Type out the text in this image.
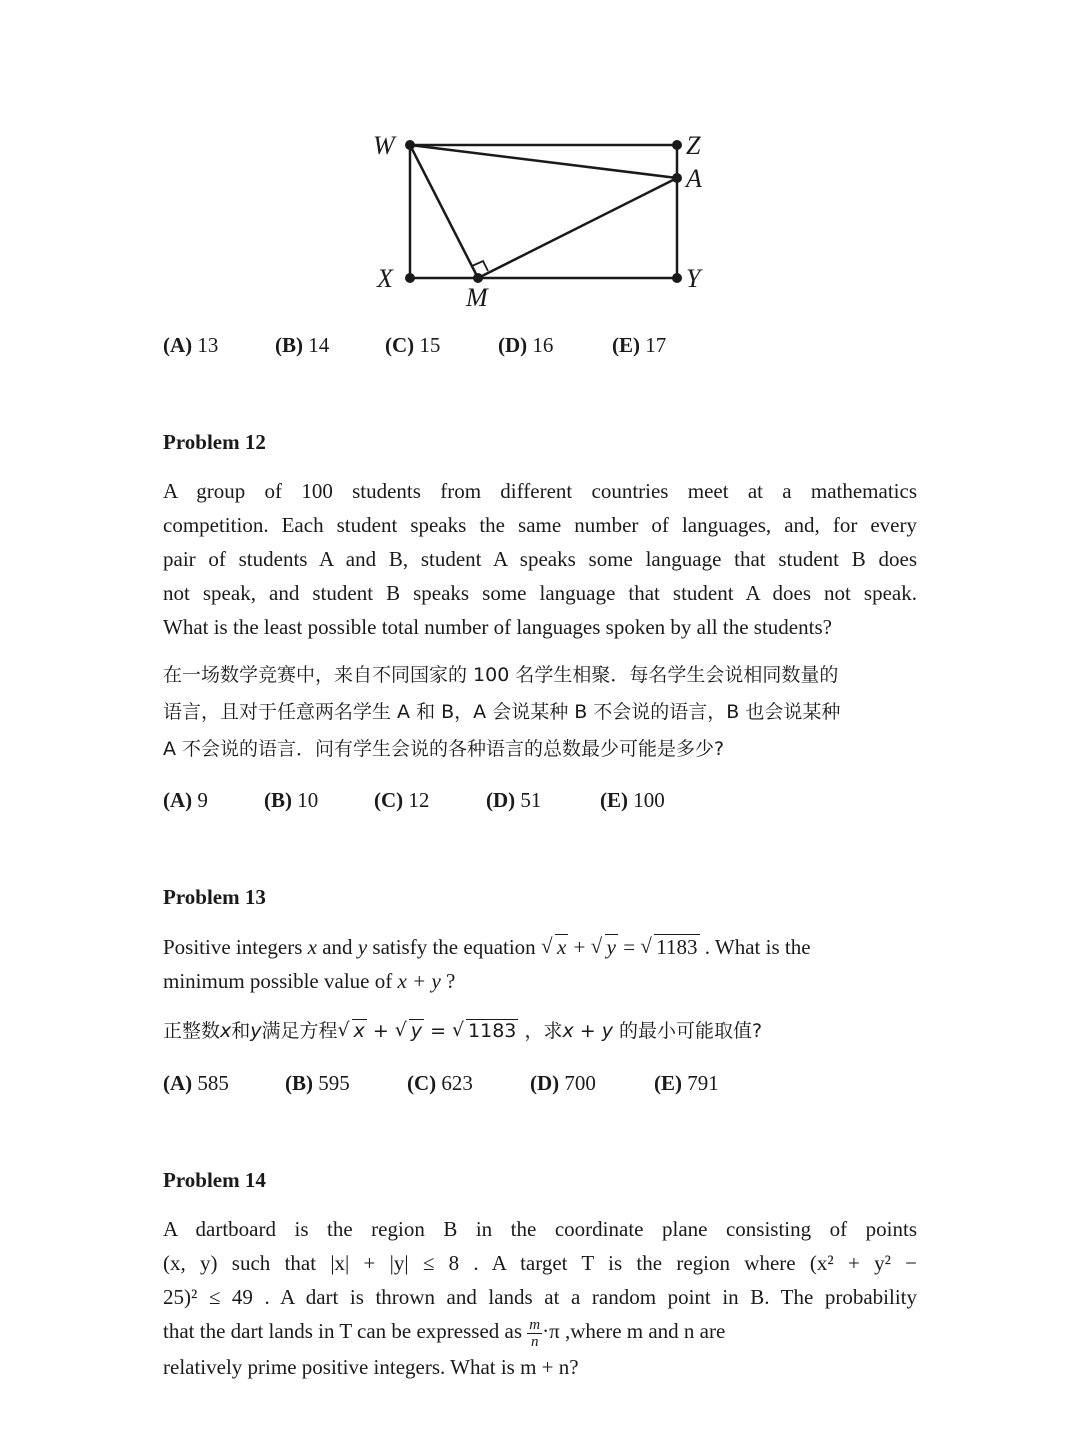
W	Z
A
X
M
Y
(A) 13	(B) 14	(C) 15	(D) 16	(E) 17
Problem 12
A group of 100 students from different countries meet at a mathematics
competition. Each student speaks the same number of languages, and, for every
pair of students A and B, student A speaks some language that student B does
not speak, and student B speaks some language that student A does not speak.
What is the least possible total number of languages spoken by all the students?
在一场数学竞赛中，来自不同国家的 100 名学生相聚．每名学生会说相同数量的
语言，且对于任意两名学生 A 和 B，A 会说某种 B 不会说的语言，B 也会说某种
A 不会说的语言．问有学生会说的各种语言的总数最少可能是多少?
(A) 9	(B) 10	(C) 12	(D) 51	(E) 100
Problem 13
Positive integers x and y satisfy the equation √ x + √ y = √ 1183 . What is the
minimum possible value of x + y ?
正整数x和y满足方程√ x + √ y = √ 1183 ，求x + y 的最小可能取值?
(A) 585	(B) 595	(C) 623	(D) 700	(E) 791
Problem 14
A dartboard is the region B in the coordinate plane consisting of points
(x, y) such that |x| + |y| ≤ 8 . A target T is the region where (x² + y² −
25)² ≤ 49 . A dart is thrown and lands at a random point in B. The probability
that the dart lands in T can be expressed as $\frac{m}{n} \cdot\pi$ ,where m and n are
relatively prime positive integers. What is m + n?
